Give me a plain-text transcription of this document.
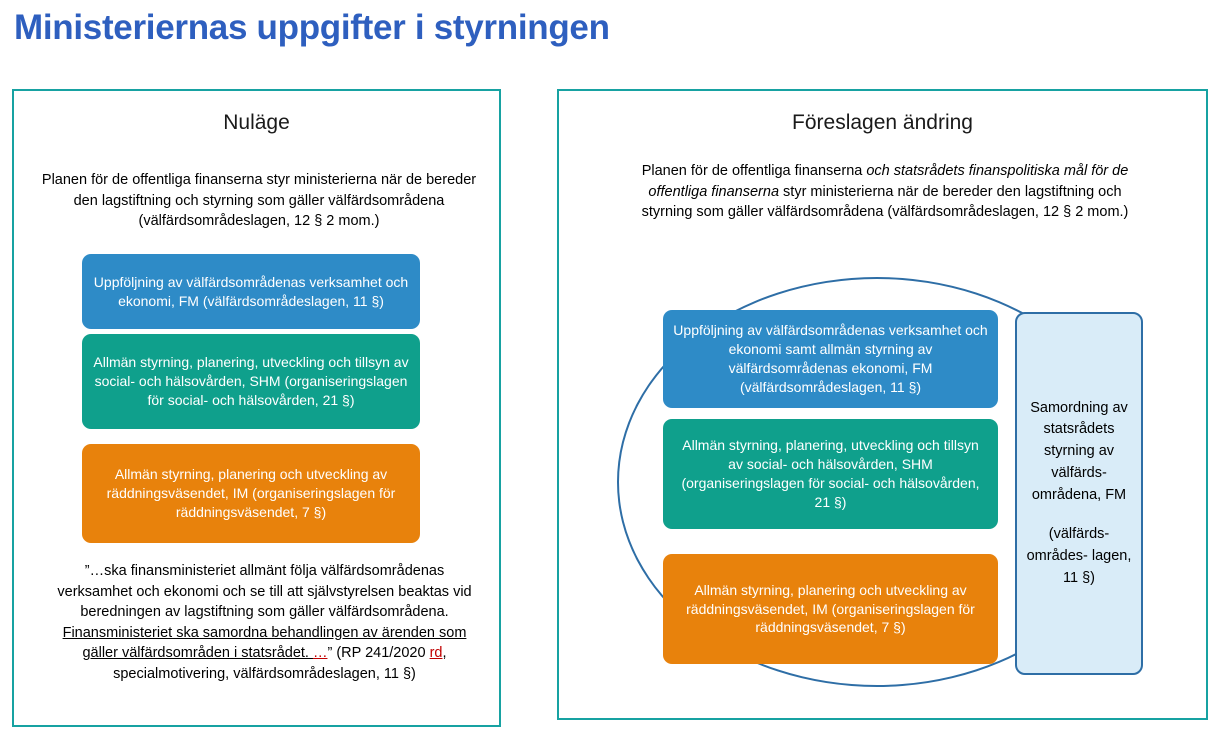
Ministeriernas uppgifter i styrningen
Nuläge
Planen för de offentliga finanserna styr ministerierna när de bereder den lagstiftning och styrning som gäller välfärdsområdena (välfärdsområdeslagen, 12 § 2 mom.)
Uppföljning av välfärdsområdenas verksamhet och ekonomi, FM (välfärdsområdeslagen, 11 §)
Allmän styrning, planering, utveckling och tillsyn av social- och hälsovården, SHM (organiseringslagen för social- och hälsovården, 21 §)
Allmän styrning, planering och utveckling av räddningsväsendet, IM (organiseringslagen för räddningsväsendet, 7 §)
”…ska finansministeriet allmänt följa välfärdsområdenas verksamhet och ekonomi och se till att självstyrelsen beaktas vid beredningen av lagstiftning som gäller välfärdsområdena. Finansministeriet ska samordna behandlingen av ärenden som gäller välfärdsområden i statsrådet. …” (RP 241/2020 rd, specialmotivering, välfärdsområdeslagen, 11 §)
Föreslagen ändring
Planen för de offentliga finanserna och statsrådets finanspolitiska mål för de offentliga finanserna styr ministerierna när de bereder den lagstiftning och styrning som gäller välfärdsområdena (välfärdsområdeslagen, 12 § 2 mom.)
Uppföljning av välfärdsområdenas verksamhet och ekonomi samt allmän styrning av välfärdsområdenas ekonomi, FM (välfärdsområdeslagen, 11 §)
Allmän styrning, planering, utveckling och tillsyn av social- och hälsovården, SHM (organiseringslagen för social- och hälsovården, 21 §)
Allmän styrning, planering och utveckling av räddningsväsendet, IM (organiseringslagen för räddningsväsendet, 7 §)
Samordning av statsrådets styrning av välfärds- områdena, FM
(välfärds- områdes- lagen, 11 §)
